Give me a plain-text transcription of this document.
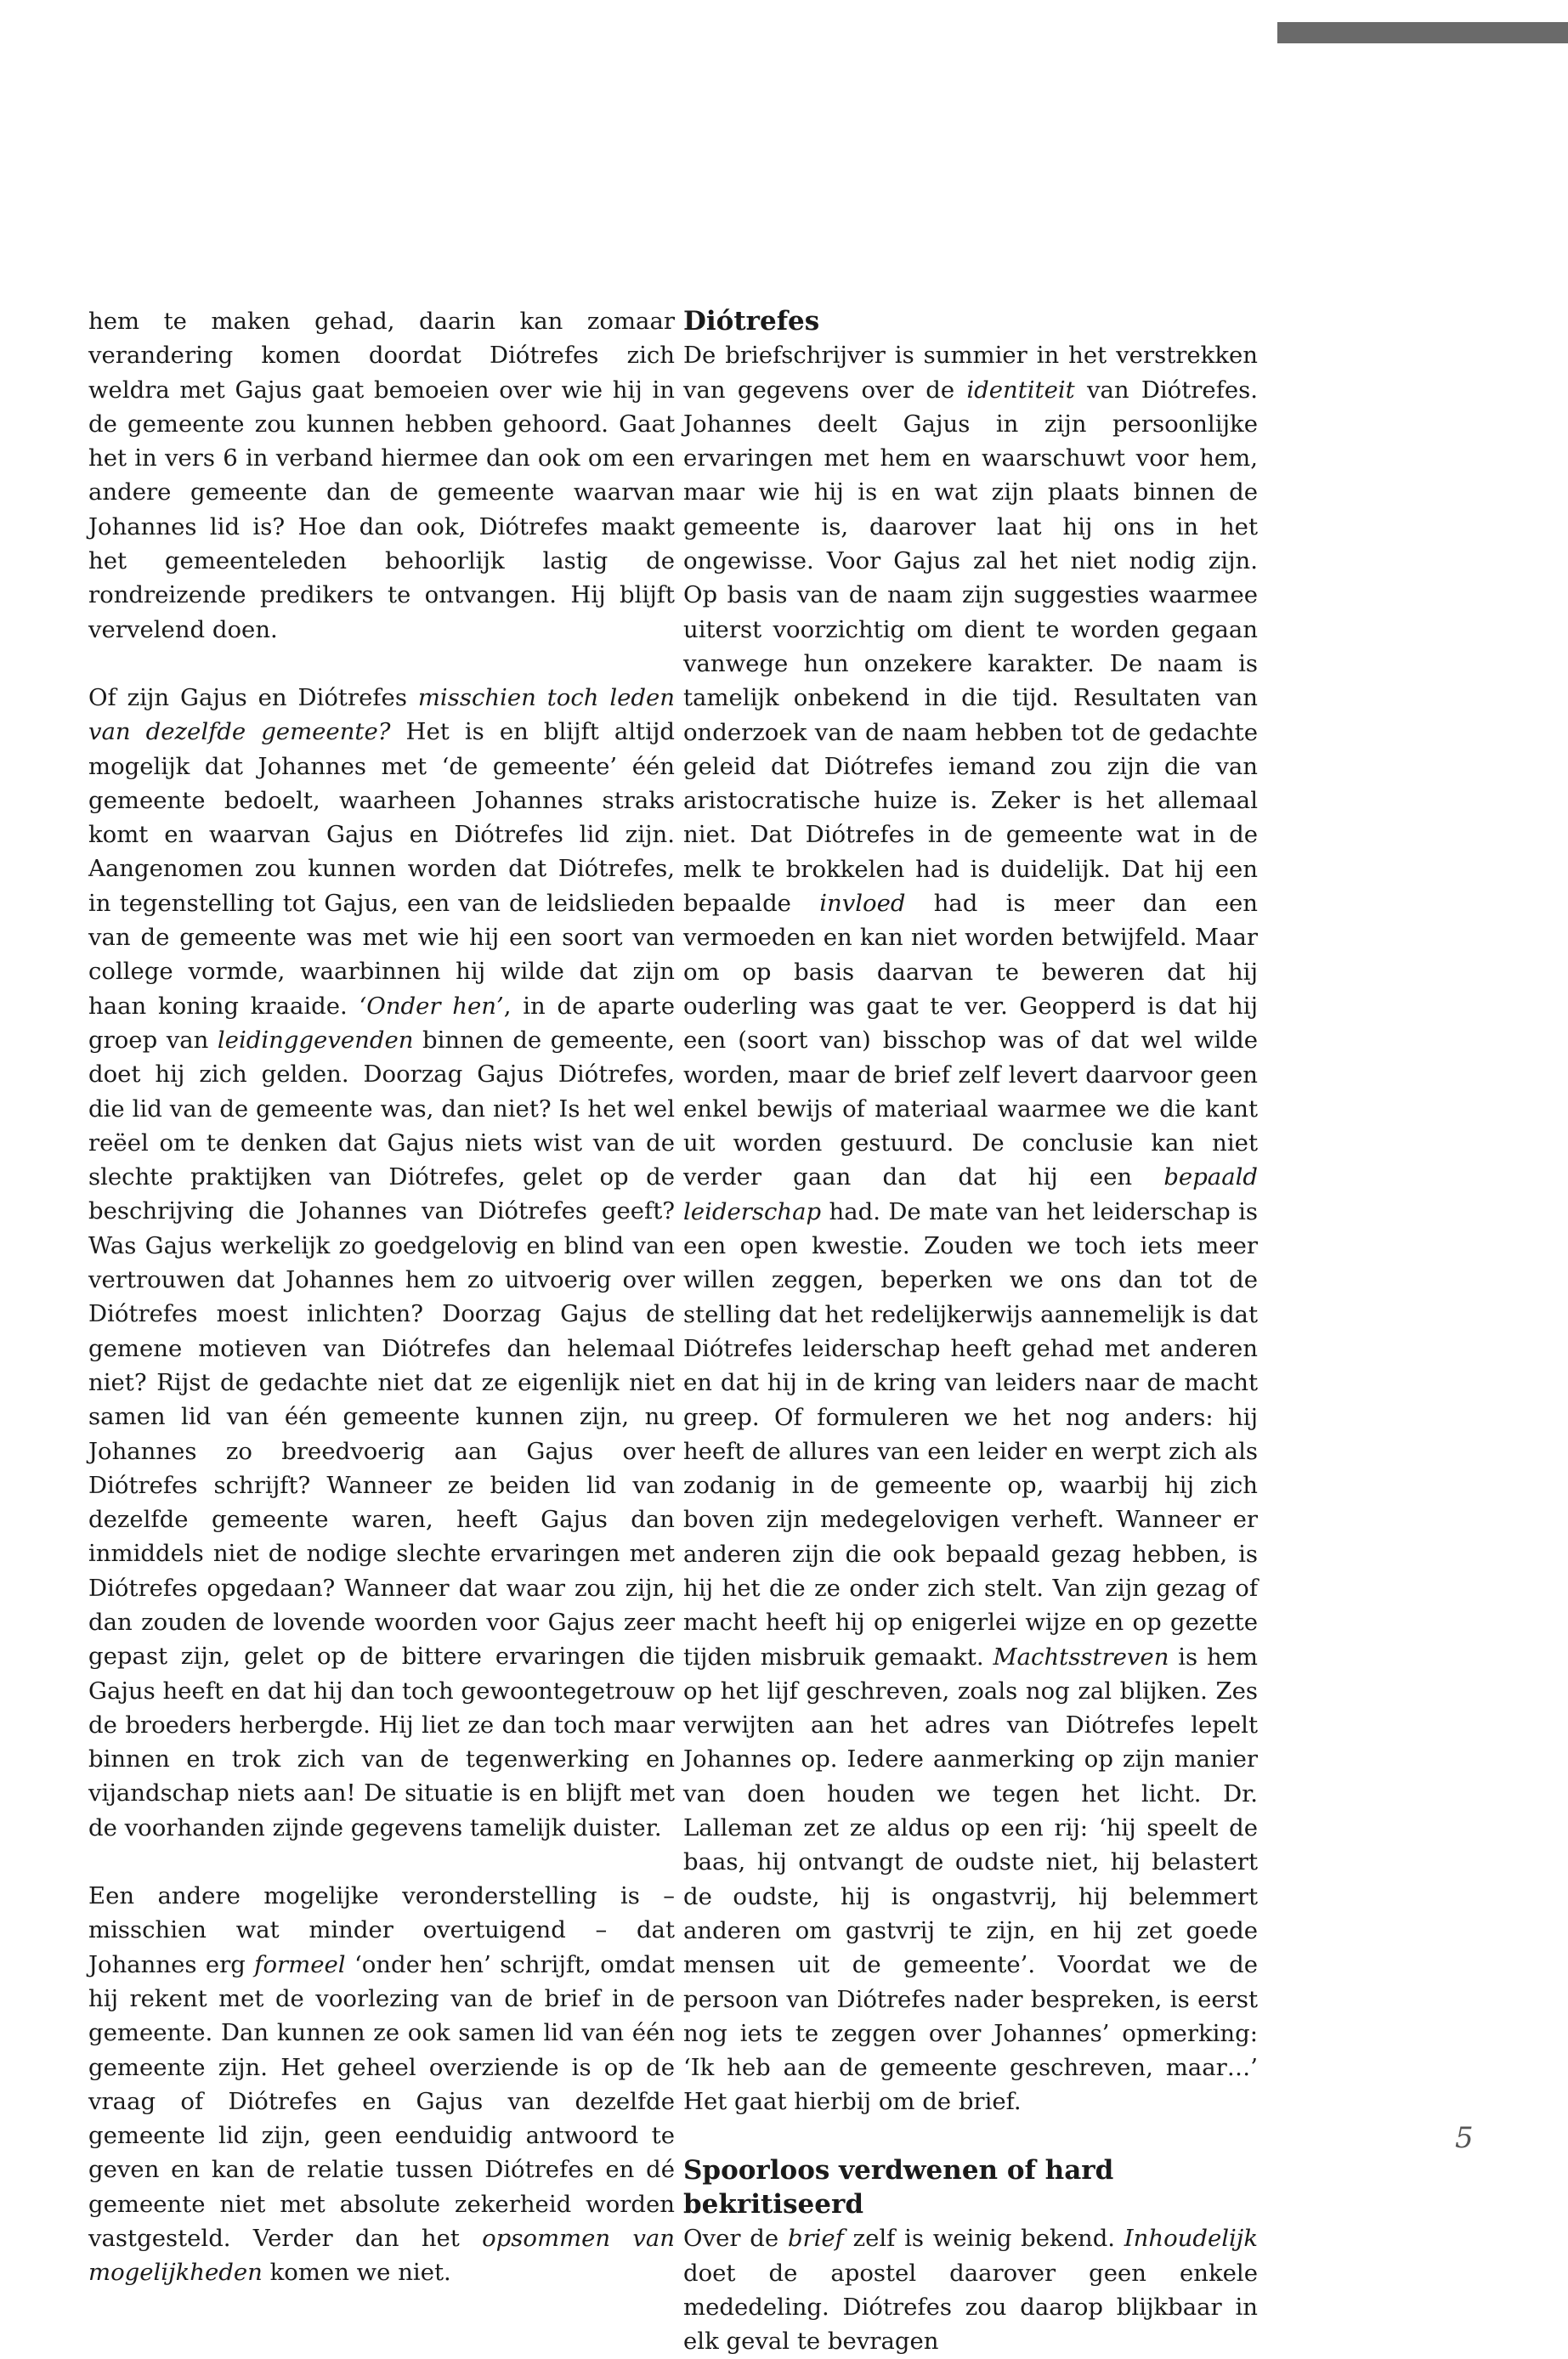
hem te maken gehad, daarin kan zomaar verandering komen doordat Diótrefes zich weldra met Gajus gaat bemoeien over wie hij in de gemeente zou kunnen hebben gehoord. Gaat het in vers 6 in verband hiermee dan ook om een andere gemeente dan de gemeente waarvan Johannes lid is? Hoe dan ook, Diótrefes maakt het gemeenteleden behoorlijk lastig de rondreizende predikers te ontvangen. Hij blijft vervelend doen.

Of zijn Gajus en Diótrefes misschien toch leden van dezelfde gemeente? Het is en blijft altijd mogelijk dat Johannes met ‘de gemeente’ één gemeente bedoelt, waarheen Johannes straks komt en waarvan Gajus en Diótrefes lid zijn. Aangenomen zou kunnen worden dat Diótrefes, in tegenstelling tot Gajus, een van de leidslieden van de gemeente was met wie hij een soort van college vormde, waarbinnen hij wilde dat zijn haan koning kraaide. ‘Onder hen’, in de aparte groep van leidinggevenden binnen de gemeente, doet hij zich gelden. Doorzag Gajus Diótrefes, die lid van de gemeente was, dan niet? Is het wel reëel om te denken dat Gajus niets wist van de slechte praktijken van Diótrefes, gelet op de beschrijving die Johannes van Diótrefes geeft? Was Gajus werkelijk zo goedgelovig en blind van vertrouwen dat Johannes hem zo uitvoerig over Diótrefes moest inlichten? Doorzag Gajus de gemene motieven van Diótrefes dan helemaal niet? Rijst de gedachte niet dat ze eigenlijk niet samen lid van één gemeente kunnen zijn, nu Johannes zo breedvoerig aan Gajus over Diótrefes schrijft? Wanneer ze beiden lid van dezelfde gemeente waren, heeft Gajus dan inmiddels niet de nodige slechte ervaringen met Diótrefes opgedaan? Wanneer dat waar zou zijn, dan zouden de lovende woorden voor Gajus zeer gepast zijn, gelet op de bittere ervaringen die Gajus heeft en dat hij dan toch gewoontegetrouw de broeders herbergde. Hij liet ze dan toch maar binnen en trok zich van de tegenwerking en vijandschap niets aan! De situatie is en blijft met de voorhanden zijnde gegevens tamelijk duister.

Een andere mogelijke veronderstelling is – misschien wat minder overtuigend – dat Johannes erg formeel ‘onder hen’ schrijft, omdat hij rekent met de voorlezing van de brief in de gemeente. Dan kunnen ze ook samen lid van één gemeente zijn. Het geheel overziende is op de vraag of Diótrefes en Gajus van dezelfde gemeente lid zijn, geen eenduidig antwoord te geven en kan de relatie tussen Diótrefes en dé gemeente niet met absolute zekerheid worden vastgesteld. Verder dan het opsommen van mogelijkheden komen we niet.

Diótrefes

De briefschrijver is summier in het verstrekken van gegevens over de identiteit van Diótrefes. Johannes deelt Gajus in zijn persoonlijke ervaringen met hem en waarschuwt voor hem, maar wie hij is en wat zijn plaats binnen de gemeente is, daarover laat hij ons in het ongewisse. Voor Gajus zal het niet nodig zijn. Op basis van de naam zijn suggesties waarmee uiterst voorzichtig om dient te worden gegaan vanwege hun onzekere karakter. De naam is tamelijk onbekend in die tijd. Resultaten van onderzoek van de naam hebben tot de gedachte geleid dat Diótrefes iemand zou zijn die van aristocratische huize is. Zeker is het allemaal niet. Dat Diótrefes in de gemeente wat in de melk te brokkelen had is duidelijk. Dat hij een bepaalde invloed had is meer dan een vermoeden en kan niet worden betwijfeld. Maar om op basis daarvan te beweren dat hij ouderling was gaat te ver. Geopperd is dat hij een (soort van) bisschop was of dat wel wilde worden, maar de brief zelf levert daarvoor geen enkel bewijs of materiaal waarmee we die kant uit worden gestuurd. De conclusie kan niet verder gaan dan dat hij een bepaald leiderschap had. De mate van het leiderschap is een open kwestie. Zouden we toch iets meer willen zeggen, beperken we ons dan tot de stelling dat het redelijkerwijs aannemelijk is dat Diótrefes leiderschap heeft gehad met anderen en dat hij in de kring van leiders naar de macht greep. Of formuleren we het nog anders: hij heeft de allures van een leider en werpt zich als zodanig in de gemeente op, waarbij hij zich boven zijn medegelovigen verheft. Wanneer er anderen zijn die ook bepaald gezag hebben, is hij het die ze onder zich stelt. Van zijn gezag of macht heeft hij op enigerlei wijze en op gezette tijden misbruik gemaakt. Machtsstreven is hem op het lijf geschreven, zoals nog zal blijken. Zes verwijten aan het adres van Diótrefes lepelt Johannes op. Iedere aanmerking op zijn manier van doen houden we tegen het licht. Dr. Lalleman zet ze aldus op een rij: ‘hij speelt de baas, hij ontvangt de oudste niet, hij belastert de oudste, hij is ongastvrij, hij belemmert anderen om gastvrij te zijn, en hij zet goede mensen uit de gemeente’. Voordat we de persoon van Diótrefes nader bespreken, is eerst nog iets te zeggen over Johannes’ opmerking: ‘Ik heb aan de gemeente geschreven, maar…’ Het gaat hierbij om de brief.

Spoorloos verdwenen of hard bekritiseerd

Over de brief zelf is weinig bekend. Inhoudelijk doet de apostel daarover geen enkele mededeling. Diótrefes zou daarop blijkbaar in elk geval te bevragen

5
